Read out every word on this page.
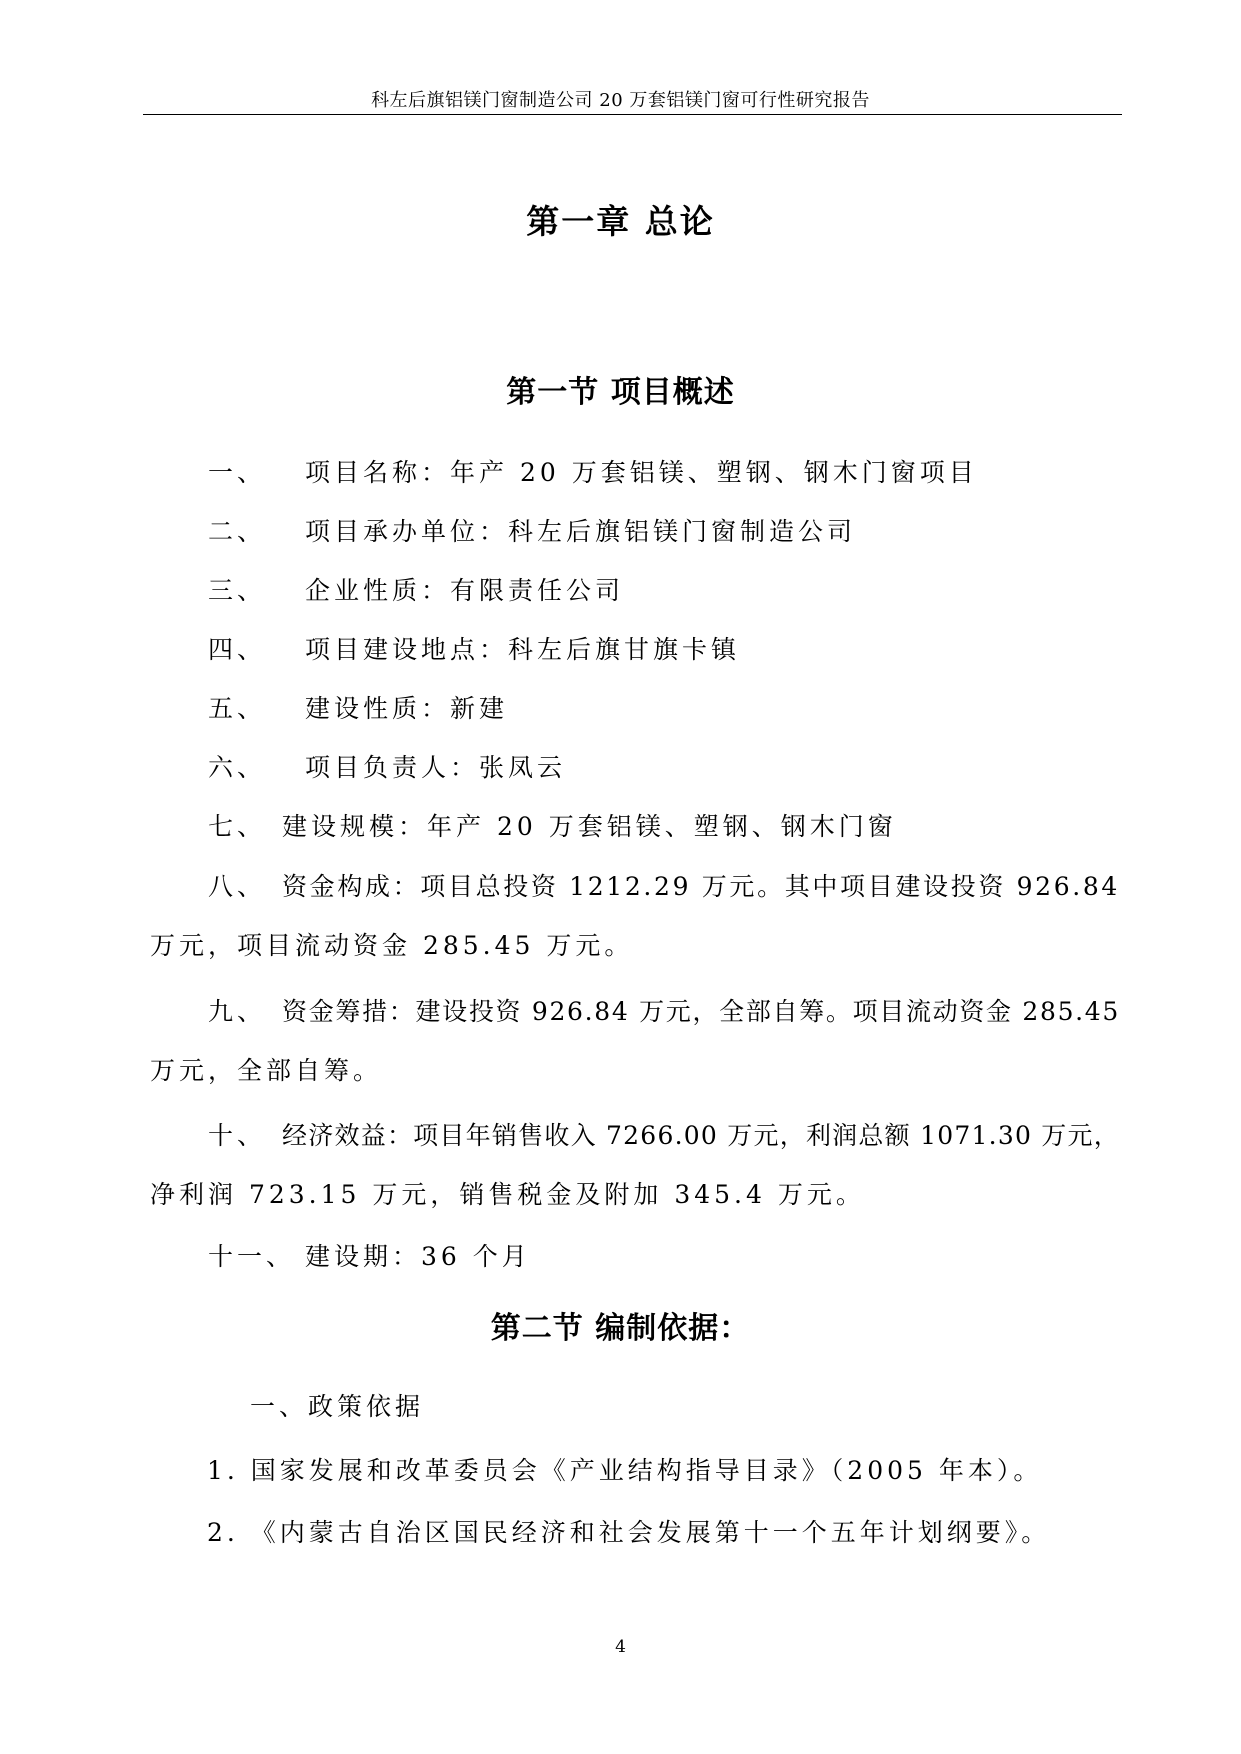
科左后旗铝镁门窗制造公司 20 万套铝镁门窗可行性研究报告
第一章 总论
第一节 项目概述
一、 项目名称：年产 20 万套铝镁、塑钢、钢木门窗项目
二、 项目承办单位：科左后旗铝镁门窗制造公司
三、 企业性质：有限责任公司
四、 项目建设地点：科左后旗甘旗卡镇
五、 建设性质：新建
六、 项目负责人：张凤云
七、 建设规模：年产 20 万套铝镁、塑钢、钢木门窗
八、 资金构成：项目总投资 1212.29 万元。其中项目建设投资 926.84
万元，项目流动资金 285.45 万元。
九、 资金筹措：建设投资 926.84 万元，全部自筹。项目流动资金 285.45
万元，全部自筹。
十、 经济效益：项目年销售收入 7266.00 万元，利润总额 1071.30 万元，
净利润 723.15 万元，销售税金及附加 345.4 万元。
十一、 建设期：36 个月
第二节 编制依据：
一、政策依据
1. 国家发展和改革委员会《产业结构指导目录》（2005 年本）。
2. 《内蒙古自治区国民经济和社会发展第十一个五年计划纲要》。
4
